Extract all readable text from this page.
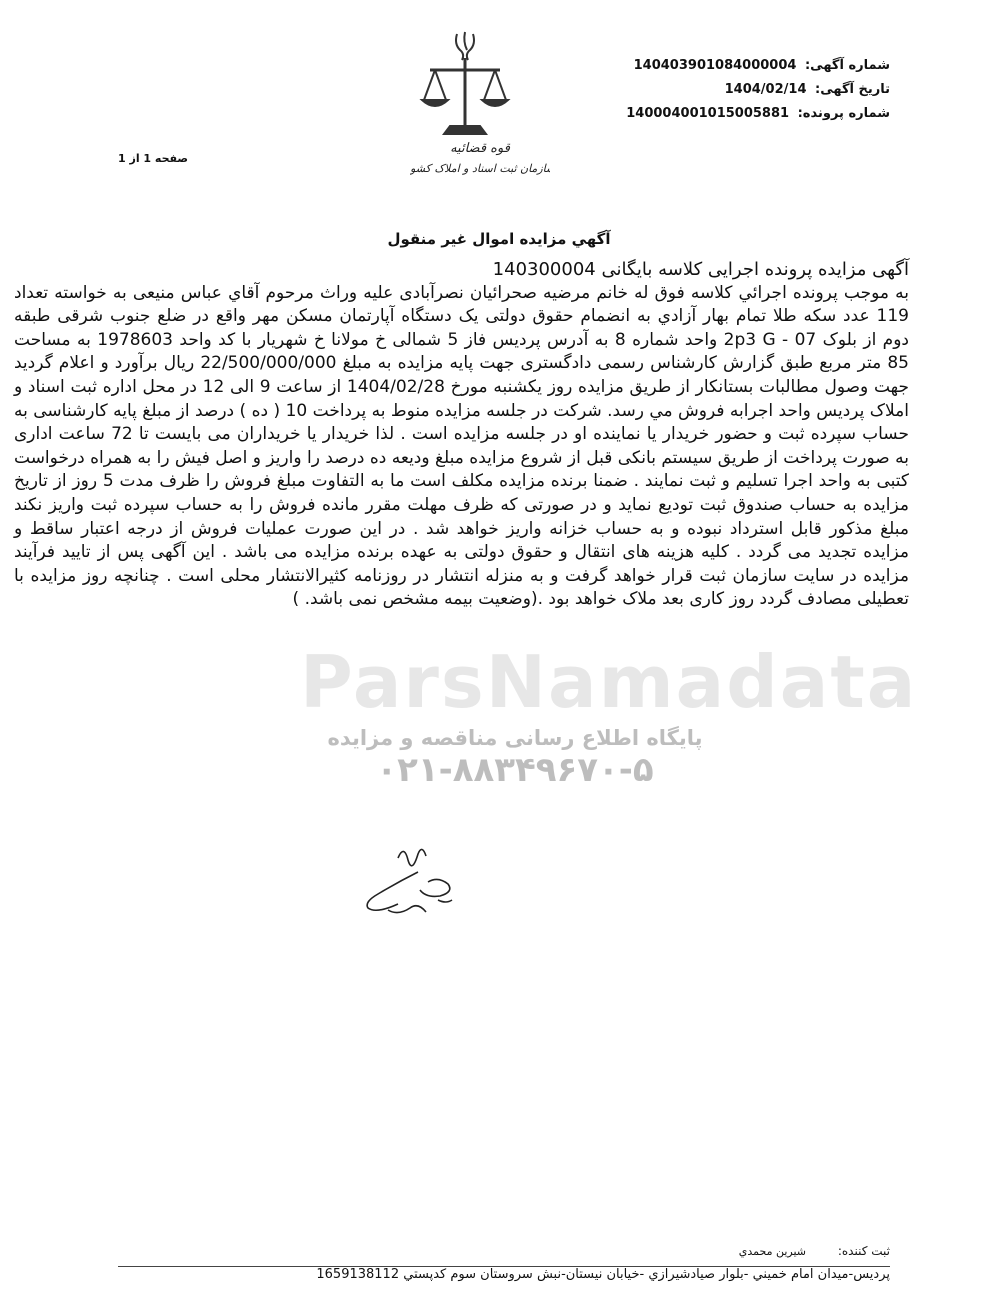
شماره آگهی: 140403901084000004
تاریخ آگهی: 1404/02/14
شماره پرونده: 140004001015005881
قوه قضائیه
سازمان ثبت اسناد و املاک کشور
صفحه 1 از 1
آگهي مزايده اموال غير منقول
آگهی مزایده پرونده اجرایی کلاسه بایگانی 140300004
به موجب پرونده اجرائي کلاسه فوق له خانم مرضيه صحرائيان نصرآبادی عليه وراث مرحوم آقاي عباس منيعی به خواسته تعداد 119 عدد سکه طلا تمام بهار آزادي به انضمام حقوق دولتی يک دستگاه آپارتمان مسکن مهر واقع در ضلع جنوب شرقی طبقه دوم از بلوک 07 - 2p3 G واحد شماره 8 به آدرس پرديس فاز 5 شمالی خ مولانا خ شهريار با کد واحد 1978603 به مساحت 85 متر مربع طبق گزارش کارشناس رسمی دادگستری جهت پايه مزايده به مبلغ 22/500/000/000 ريال برآورد و اعلام گرديد جهت وصول مطالبات بستانکار از طريق مزايده روز يکشنبه مورخ 1404/02/28 از ساعت 9 الی 12 در محل اداره ثبت اسناد و املاک پرديس واحد اجرابه فروش مي رسد. شرکت در جلسه مزايده منوط به پرداخت 10 ( ده ) درصد از مبلغ پايه کارشناسی به حساب سپرده ثبت و حضور خريدار يا نماينده او در جلسه مزايده است . لذا خريدار يا خريداران می بايست تا 72 ساعت اداری به صورت پرداخت از طريق سيستم بانکی قبل از شروع مزايده مبلغ وديعه ده درصد را واريز و اصل فيش را به همراه درخواست کتبی به واحد اجرا تسليم و ثبت نمايند . ضمنا برنده مزايده مکلف است ما به التفاوت مبلغ فروش را ظرف مدت 5 روز از تاريخ مزايده به حساب صندوق ثبت توديع نمايد و در صورتی که ظرف مهلت مقرر مانده فروش را به حساب سپرده ثبت واريز نکند مبلغ مذکور قابل استرداد نبوده و به حساب خزانه واريز خواهد شد . در اين صورت عمليات فروش از درجه اعتبار ساقط و مزايده تجديد می گردد . کليه هزينه های انتقال و حقوق دولتی به عهده برنده مزايده می باشد . اين آگهی پس از تاييد فرآيند مزايده در سايت سازمان ثبت قرار خواهد گرفت و به منزله انتشار در روزنامه کثيرالانتشار محلی است . چنانچه روز مزايده با تعطيلی مصادف گردد روز کاری بعد ملاک خواهد بود .(وضعيت بيمه مشخص نمی باشد. )
ParsNamadata
پایگاه اطلاع رسانی مناقصه و مزایده
۰۲۱-۸۸۳۴۹۶۷۰-۵
ثبت کننده: شيرين محمدي
پرديس-ميدان امام خميني -بلوار صيادشيرازي -خيابان نيستان-نبش سروستان سوم کدپستي 1659138112
